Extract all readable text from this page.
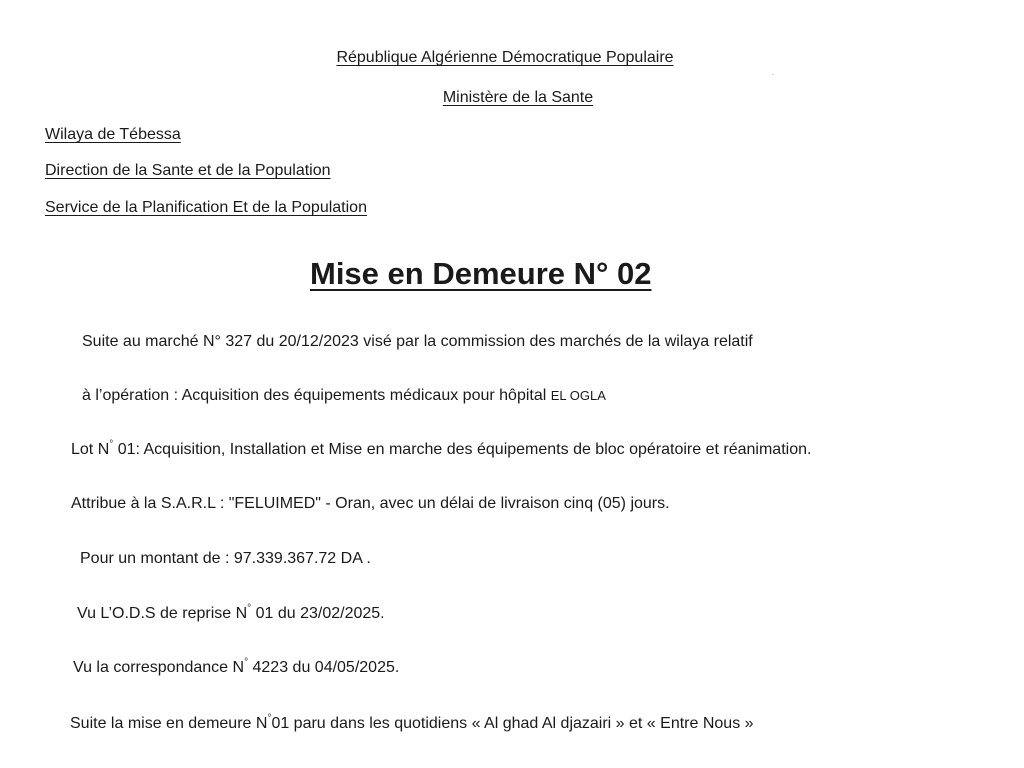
République Algérienne Démocratique Populaire
Ministère de la Sante
Wilaya de Tébessa
Direction de la Sante et de la Population
Service de la Planification Et de la Population
Mise en Demeure N° 02
Suite au marché N° 327 du 20/12/2023 visé par la commission des marchés de la wilaya relatif
à l’opération : Acquisition des équipements médicaux pour hôpital EL OGLA
Lot N° 01: Acquisition, Installation et Mise en marche des équipements de bloc opératoire et réanimation.
Attribue à la S.A.R.L : "FELUIMED" - Oran, avec un délai de livraison cinq (05) jours.
Pour un montant de : 97.339.367.72 DA .
Vu L’O.D.S de reprise N° 01 du 23/02/2025.
Vu la correspondance N° 4223 du 04/05/2025.
Suite la mise en demeure N°01 paru dans les quotidiens « Al ghad Al djazairi » et « Entre Nous »
